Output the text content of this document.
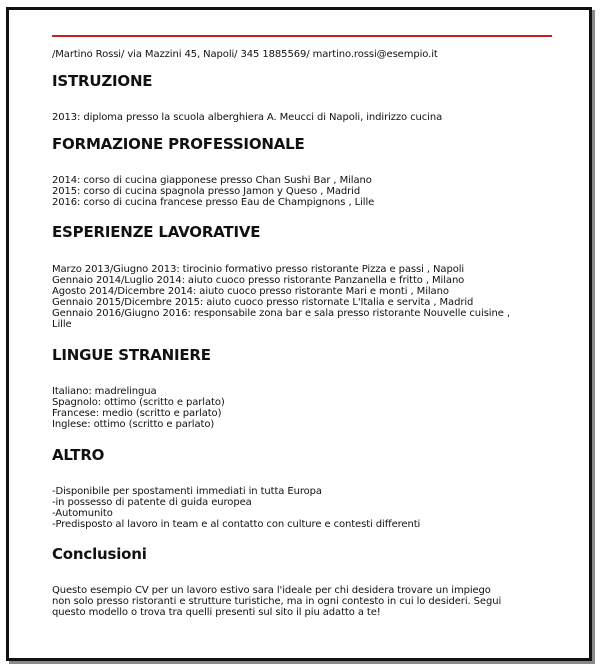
/Martino Rossi/ via Mazzini 45, Napoli/ 345 1885569/ martino.rossi@esempio.it
ISTRUZIONE
2013: diploma presso la scuola alberghiera A. Meucci di Napoli, indirizzo cucina
FORMAZIONE PROFESSIONALE
2014: corso di cucina giapponese presso Chan Sushi Bar , Milano
2015: corso di cucina spagnola presso Jamon y Queso , Madrid
2016: corso di cucina francese presso Eau de Champignons , Lille
ESPERIENZE LAVORATIVE
Marzo 2013/Giugno 2013: tirocinio formativo presso ristorante Pizza e passi , Napoli
Gennaio 2014/Luglio 2014: aiuto cuoco presso ristorante Panzanella e fritto , Milano
Agosto 2014/Dicembre 2014: aiuto cuoco presso ristorante Mari e monti , Milano
Gennaio 2015/Dicembre 2015: aiuto cuoco presso ristornate L'Italia e servita , Madrid
Gennaio 2016/Giugno 2016: responsabile zona bar e sala presso ristorante Nouvelle cuisine ,
Lille
LINGUE STRANIERE
Italiano: madrelingua
Spagnolo: ottimo (scritto e parlato)
Francese: medio (scritto e parlato)
Inglese: ottimo (scritto e parlato)
ALTRO
-Disponibile per spostamenti immediati in tutta Europa
-in possesso di patente di guida europea
-Automunito
-Predisposto al lavoro in team e al contatto con culture e contesti differenti
Conclusioni
Questo esempio CV per un lavoro estivo sara l'ideale per chi desidera trovare un impiego
non solo presso ristoranti e strutture turistiche, ma in ogni contesto in cui lo desideri. Segui
questo modello o trova tra quelli presenti sul sito il piu adatto a te!
